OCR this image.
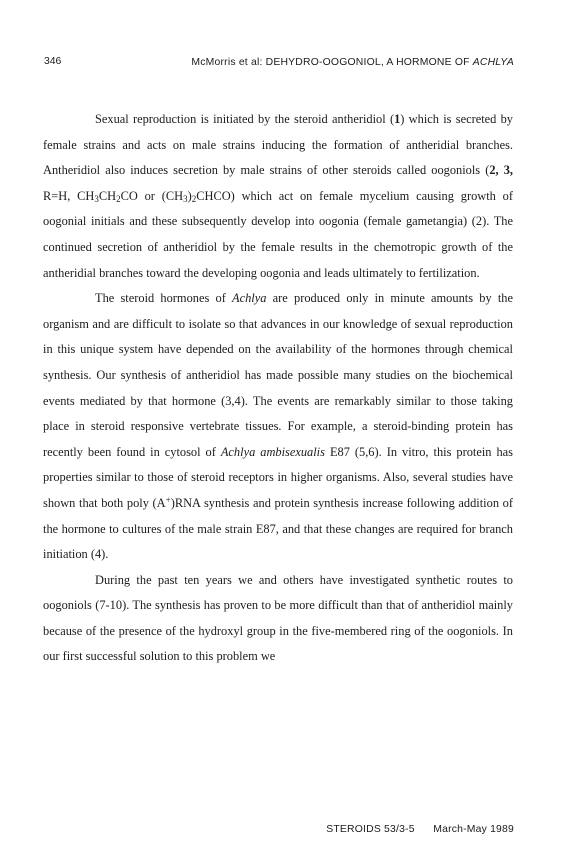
346	McMorris et al: DEHYDRO-OOGONIOL, A HORMONE OF ACHLYA

Sexual reproduction is initiated by the steroid antheridiol (1) which is secreted by female strains and acts on male strains inducing the formation of antheridial branches. Antheridiol also induces secretion by male strains of other steroids called oogoniols (2, 3, R=H, $CH_3CH_2CO$ or $(CH_3)_2CHCO$) which act on female mycelium causing growth of oogonial initials and these subsequently develop into oogonia (female gametangia) (2). The continued secretion of antheridiol by the female results in the chemotropic growth of the antheridial branches toward the developing oogonia and leads ultimately to fertilization.

The steroid hormones of Achlya are produced only in minute amounts by the organism and are difficult to isolate so that advances in our knowledge of sexual reproduction in this unique system have depended on the availability of the hormones through chemical synthesis. Our synthesis of antheridiol has made possible many studies on the biochemical events mediated by that hormone (3,4). The events are remarkably similar to those taking place in steroid responsive vertebrate tissues. For example, a steroid-binding protein has recently been found in cytosol of Achlya ambisexualis E87 (5,6). In vitro, this protein has properties similar to those of steroid receptors in higher organisms. Also, several studies have shown that both poly (A+)RNA synthesis and protein synthesis increase following addition of the hormone to cultures of the male strain E87, and that these changes are required for branch initiation (4).

During the past ten years we and others have investigated synthetic routes to oogoniols (7-10). The synthesis has proven to be more difficult than that of antheridiol mainly because of the presence of the hydroxyl group in the five-membered ring of the oogoniols. In our first successful solution to this problem we

STEROIDS 53/3-5 March-May 1989
